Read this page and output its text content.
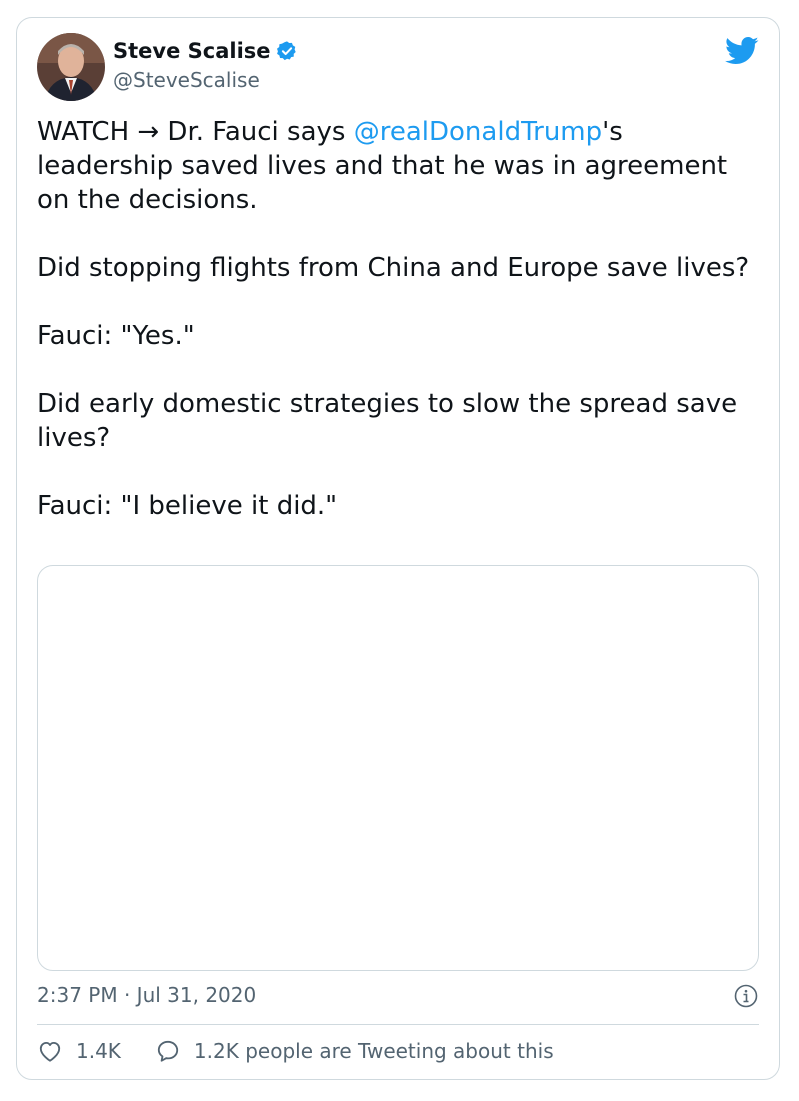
Steve Scalise
@SteveScalise

WATCH → Dr. Fauci says @realDonaldTrump's leadership saved lives and that he was in agreement on the decisions.

Did stopping flights from China and Europe save lives?

Fauci: "Yes."

Did early domestic strategies to slow the spread save lives?

Fauci: "I believe it did."

2:37 PM · Jul 31, 2020
1.4K	1.2K people are Tweeting about this
